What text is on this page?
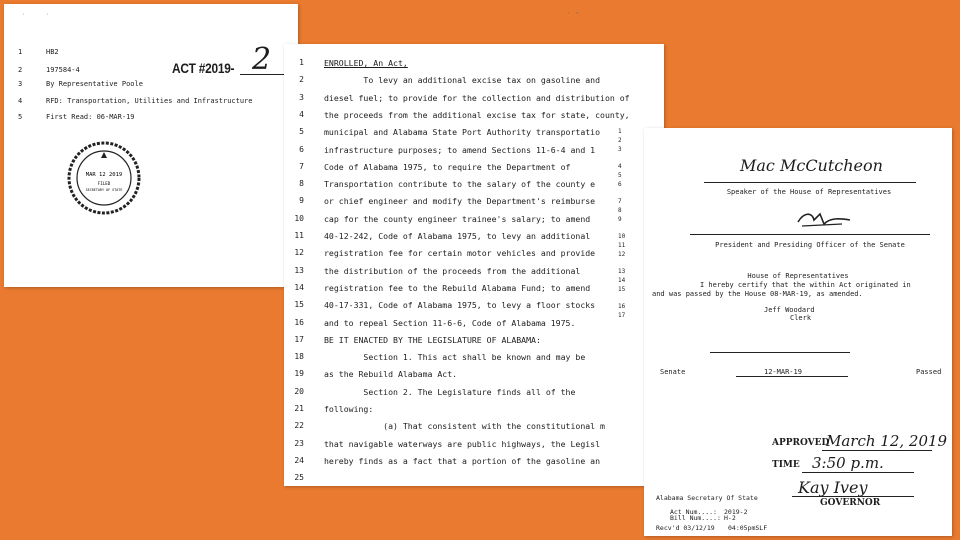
·       ·                                                                                                                                                                            '  "
1	HB2
2	197584-4
3	By Representative Poole
4	RFD: Transportation, Utilities and Infrastructure
5	First Read: 06-MAR-19
ACT #2019- 2
MAR 12 2019
FILED
SECRETARY OF STATE
1 ENROLLED, An Act,
2 To levy an additional excise tax on gasoline and
3 diesel fuel; to provide for the collection and distribution of
4 the proceeds from the additional excise tax for state, county,
5 municipal and Alabama State Port Authority transportatio
6 infrastructure purposes; to amend Sections 11-6-4 and 1
7 Code of Alabama 1975, to require the Department of
8 Transportation contribute to the salary of the county e
9 or chief engineer and modify the Department's reimburse
10 cap for the county engineer trainee's salary; to amend
11 40-12-242, Code of Alabama 1975, to levy an additional
12 registration fee for certain motor vehicles and provide
13 the distribution of the proceeds from the additional
14 registration fee to the Rebuild Alabama Fund; to amend
15 40-17-331, Code of Alabama 1975, to levy a floor stocks
16 and to repeal Section 11-6-6, Code of Alabama 1975.
17 BE IT ENACTED BY THE LEGISLATURE OF ALABAMA:
18 Section 1. This act shall be known and may be
19 as the Rebuild Alabama Act.
20 Section 2. The Legislature finds all of the
21 following:
22 (a) That consistent with the constitutional m
23 that navigable waterways are public highways, the Legisl
24 hereby finds as a fact that a portion of the gasoline an
25
1
2
3
4
5
6
7
8
9
10
11
12
13
14
15
16
17
Mac McCutcheon
Speaker of the House of Representatives
President and Presiding Officer of the Senate
House of Representatives
I hereby certify that the within Act originated in
and was passed by the House 08-MAR-19, as amended.
Jeff Woodard
Clerk
Senate	12-MAR-19	Passed
APPROVED
March 12, 2019
TIME 3:50 p.m.
Kay Ivey
GOVERNOR
Alabama Secretary Of State
Act Num....: 2019-2
Bill Num....: H-2
Recv'd 03/12/19 04:05pmSLF
